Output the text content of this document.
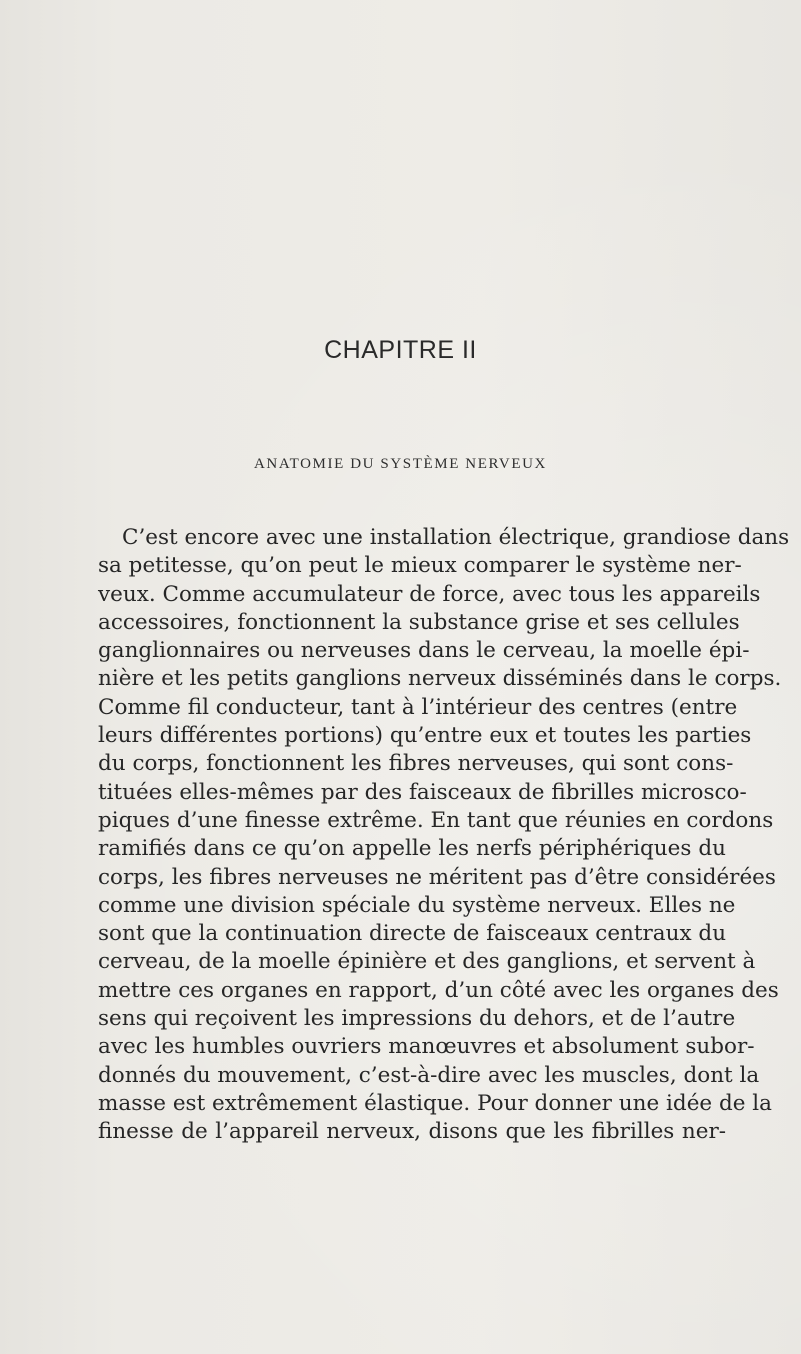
CHAPITRE II
ANATOMIE DU SYSTÈME NERVEUX
C’est encore avec une installation électrique, grandiose dans
sa petitesse, qu’on peut le mieux comparer le système ner-
veux. Comme accumulateur de force, avec tous les appareils
accessoires, fonctionnent la substance grise et ses cellules
ganglionnaires ou nerveuses dans le cerveau, la moelle épi-
nière et les petits ganglions nerveux disséminés dans le corps.
Comme fil conducteur, tant à l’intérieur des centres (entre
leurs différentes portions) qu’entre eux et toutes les parties
du corps, fonctionnent les fibres nerveuses, qui sont cons-
tituées elles-mêmes par des faisceaux de fibrilles microsco-
piques d’une finesse extrême. En tant que réunies en cordons
ramifiés dans ce qu’on appelle les nerfs périphériques du
corps, les fibres nerveuses ne méritent pas d’être considérées
comme une division spéciale du système nerveux. Elles ne
sont que la continuation directe de faisceaux centraux du
cerveau, de la moelle épinière et des ganglions, et servent à
mettre ces organes en rapport, d’un côté avec les organes des
sens qui reçoivent les impressions du dehors, et de l’autre
avec les humbles ouvriers manœuvres et absolument subor-
donnés du mouvement, c’est-à-dire avec les muscles, dont la
masse est extrêmement élastique. Pour donner une idée de la
finesse de l’appareil nerveux, disons que les fibrilles ner-
